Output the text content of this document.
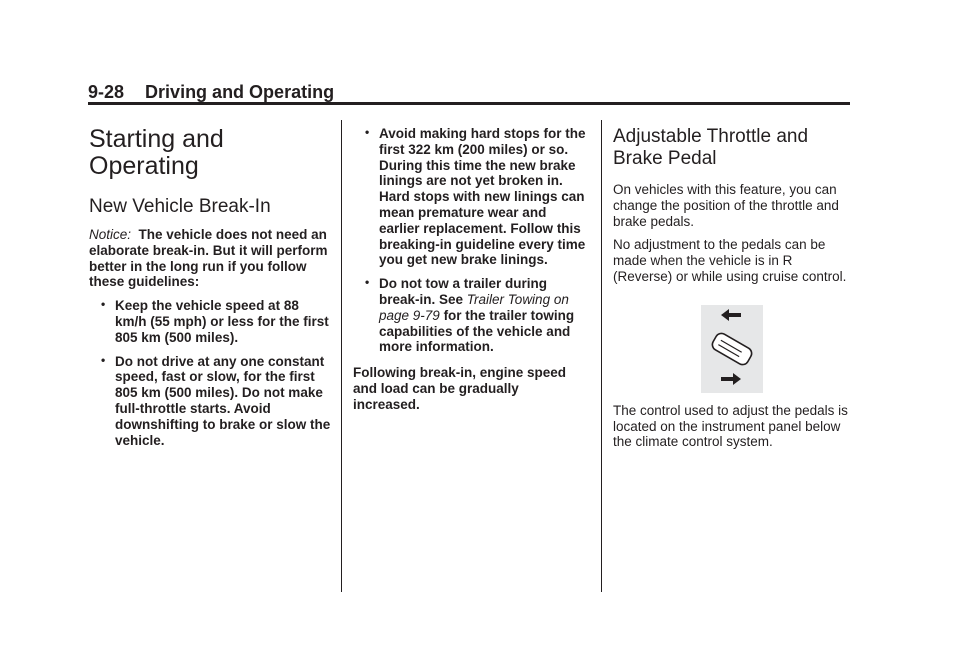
9-28 Driving and Operating
Starting and Operating
New Vehicle Break-In

Notice: The vehicle does not need an elaborate break-in. But it will perform better in the long run if you follow these guidelines:

• Keep the vehicle speed at 88 km/h (55 mph) or less for the first 805 km (500 miles).
• Do not drive at any one constant speed, fast or slow, for the first 805 km (500 miles). Do not make full-throttle starts. Avoid downshifting to brake or slow the vehicle.
• Avoid making hard stops for the first 322 km (200 miles) or so. During this time the new brake linings are not yet broken in. Hard stops with new linings can mean premature wear and earlier replacement. Follow this breaking-in guideline every time you get new brake linings.
• Do not tow a trailer during break-in. See Trailer Towing on page 9-79 for the trailer towing capabilities of the vehicle and more information.

Following break-in, engine speed and load can be gradually increased.

Adjustable Throttle and Brake Pedal

On vehicles with this feature, you can change the position of the throttle and brake pedals.

No adjustment to the pedals can be made when the vehicle is in R (Reverse) or while using cruise control.

The control used to adjust the pedals is located on the instrument panel below the climate control system.
